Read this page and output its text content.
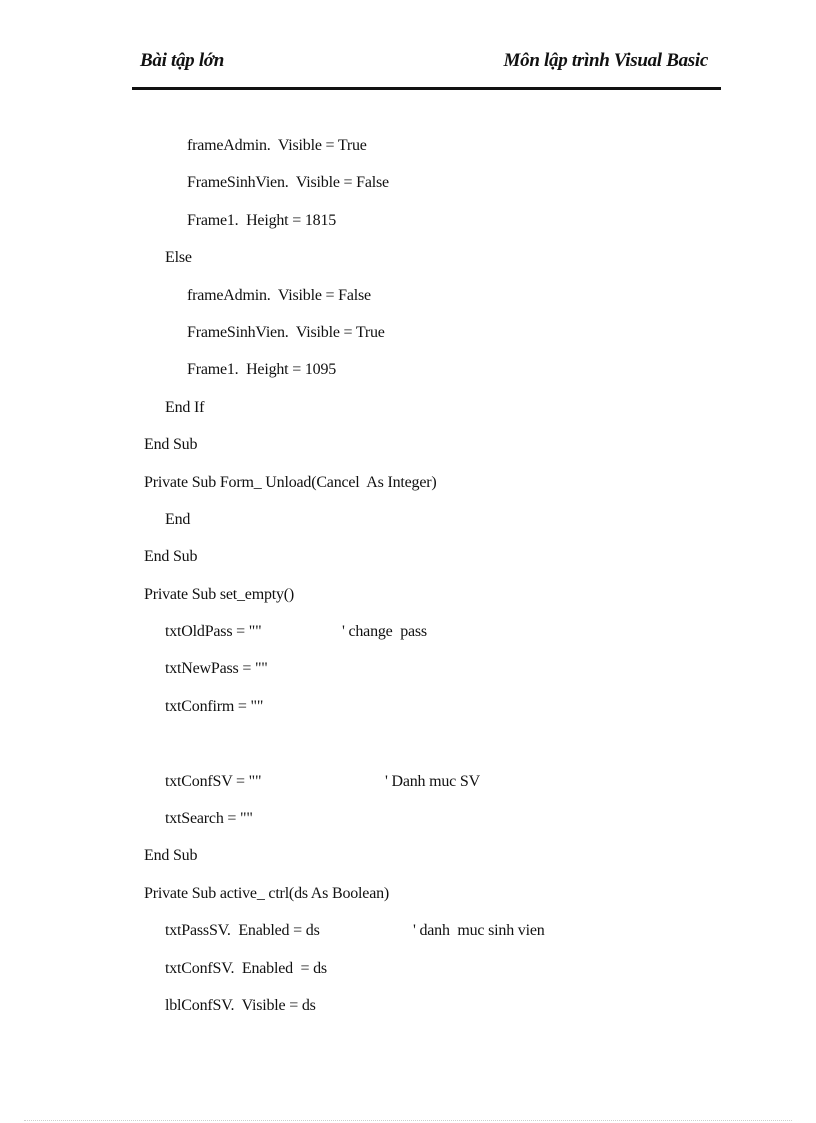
Bài tập lớn	Môn lập trình Visual Basic

frameAdmin.  Visible = True

FrameSinhVien.  Visible = False

Frame1.  Height = 1815

Else

frameAdmin.  Visible = False

FrameSinhVien.  Visible = True

Frame1.  Height = 1095

End If

End Sub

Private Sub Form_ Unload(Cancel  As Integer)

End

End Sub

Private Sub set_empty()

txtOldPass = ""

	' change  pass

txtNewPass = ""

txtConfirm = ""

txtConfSV = ""

	' Danh muc SV

txtSearch = ""

End Sub

Private Sub active_ ctrl(ds As Boolean)

txtPassSV.  Enabled = ds

	' danh  muc sinh vien

txtConfSV.  Enabled  = ds

lblConfSV.  Visible = ds
